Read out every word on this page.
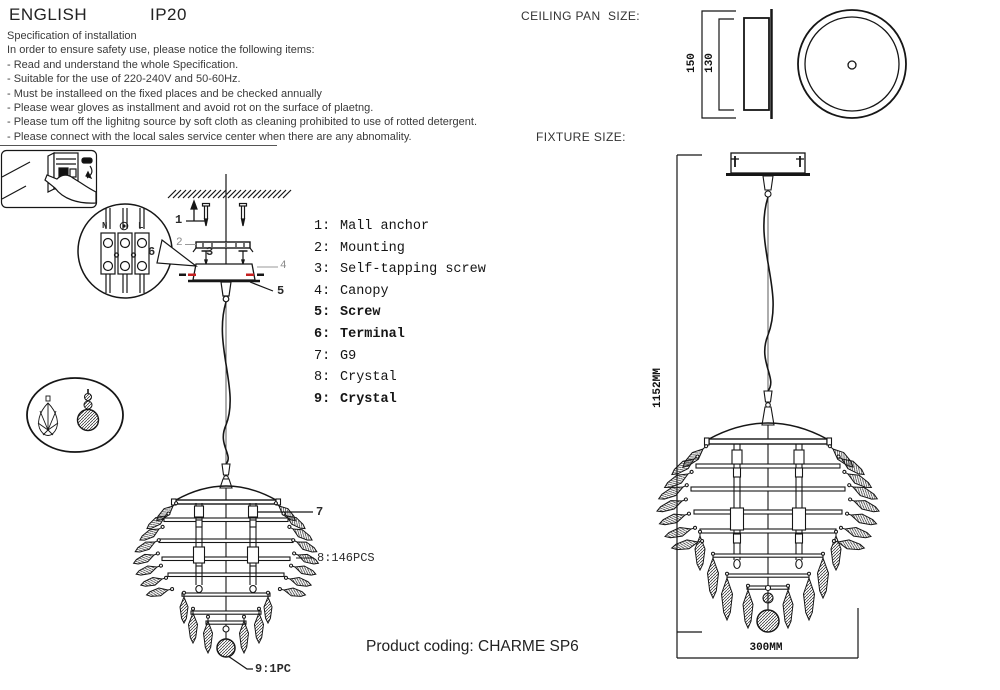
ENGLISH	IP20
Specification of installation
In order to ensure safety use, please notice the following items:
- Read and understand the whole Specification.
- Suitable for the use of 220-240V and 50-60Hz.
- Must be installeed on the fixed places and be checked annually
- Please wear gloves as installment and avoid rot on the surface of plaetng.
- Please tum off the lighitng source by soft cloth as cleaning prohibited to use of rotted detergent.
- Please connect with the local sales service center when there are any abnomality.
1: Mall anchor
2: Mounting
3: Self-tapping screw
4: Canopy
5: Screw
6: Terminal
7: G9
8: Crystal
9: Crystal
CEILING PAN  SIZE:
FIXTURE SIZE:
150 130
1152MM
300MM
1
2
3
4
5
6
7
8:146PCS
9:1PC
N	L
Product coding: CHARME SP6
